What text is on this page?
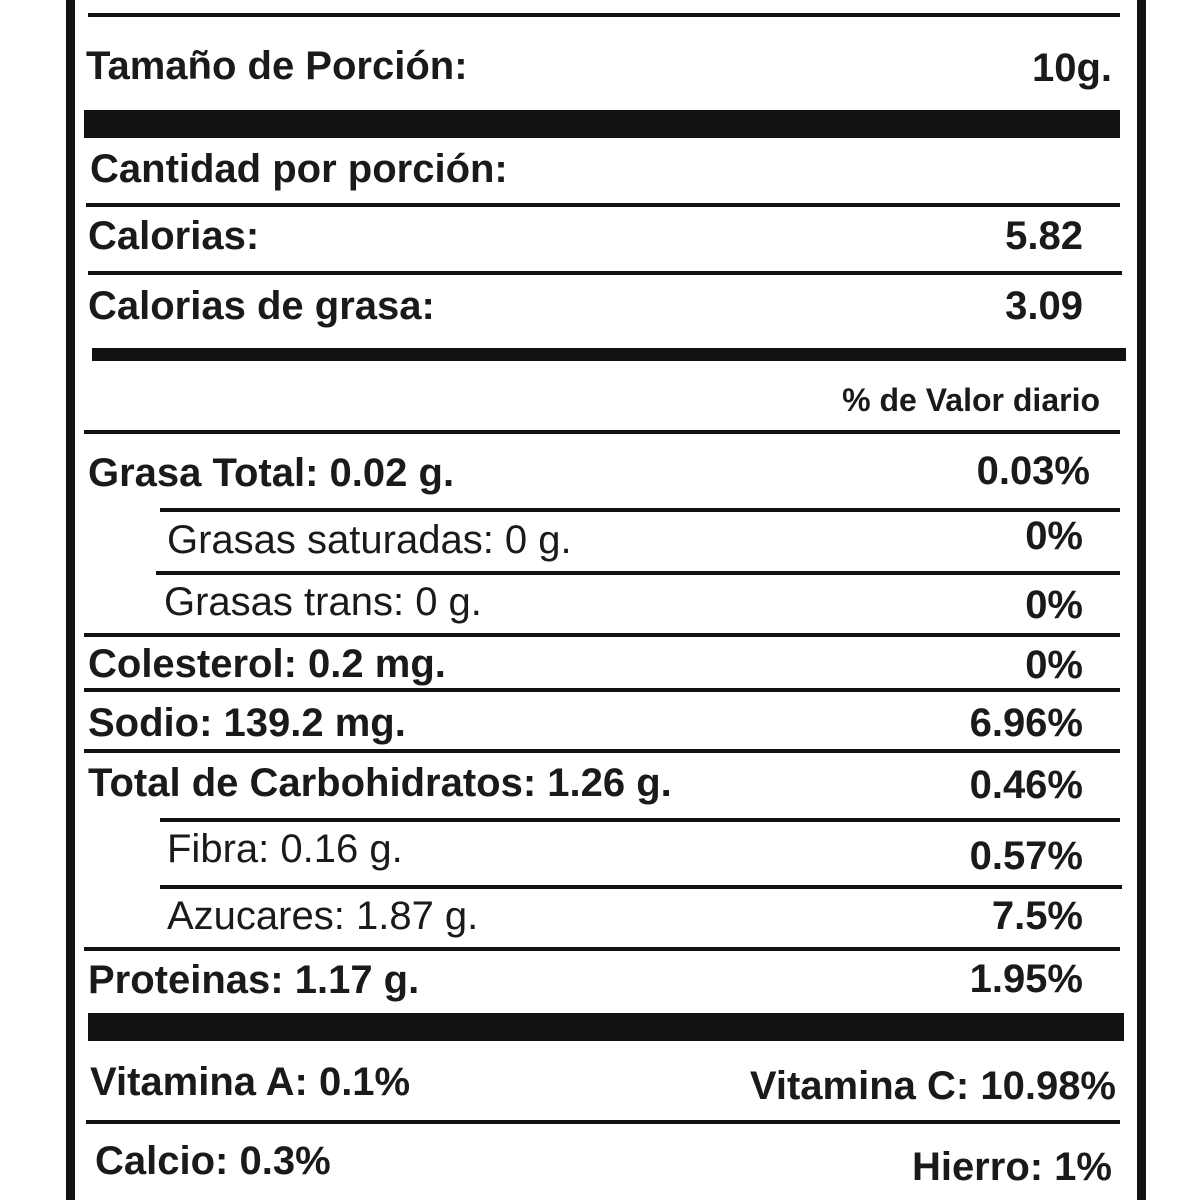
Tamaño de Porción:	10g.
Cantidad por porción:
Calorias:	5.82
Calorias de grasa:	3.09
% de Valor diario
Grasa Total: 0.02 g.	0.03%
Grasas saturadas: 0 g.	0%
Grasas trans: 0 g.	0%
Colesterol: 0.2 mg.	0%
Sodio: 139.2 mg.	6.96%
Total de Carbohidratos: 1.26 g.	0.46%
Fibra: 0.16 g.	0.57%
Azucares: 1.87 g.	7.5%
Proteinas: 1.17 g.	1.95%
Vitamina A: 0.1%	Vitamina C: 10.98%
Calcio: 0.3%	Hierro: 1%
